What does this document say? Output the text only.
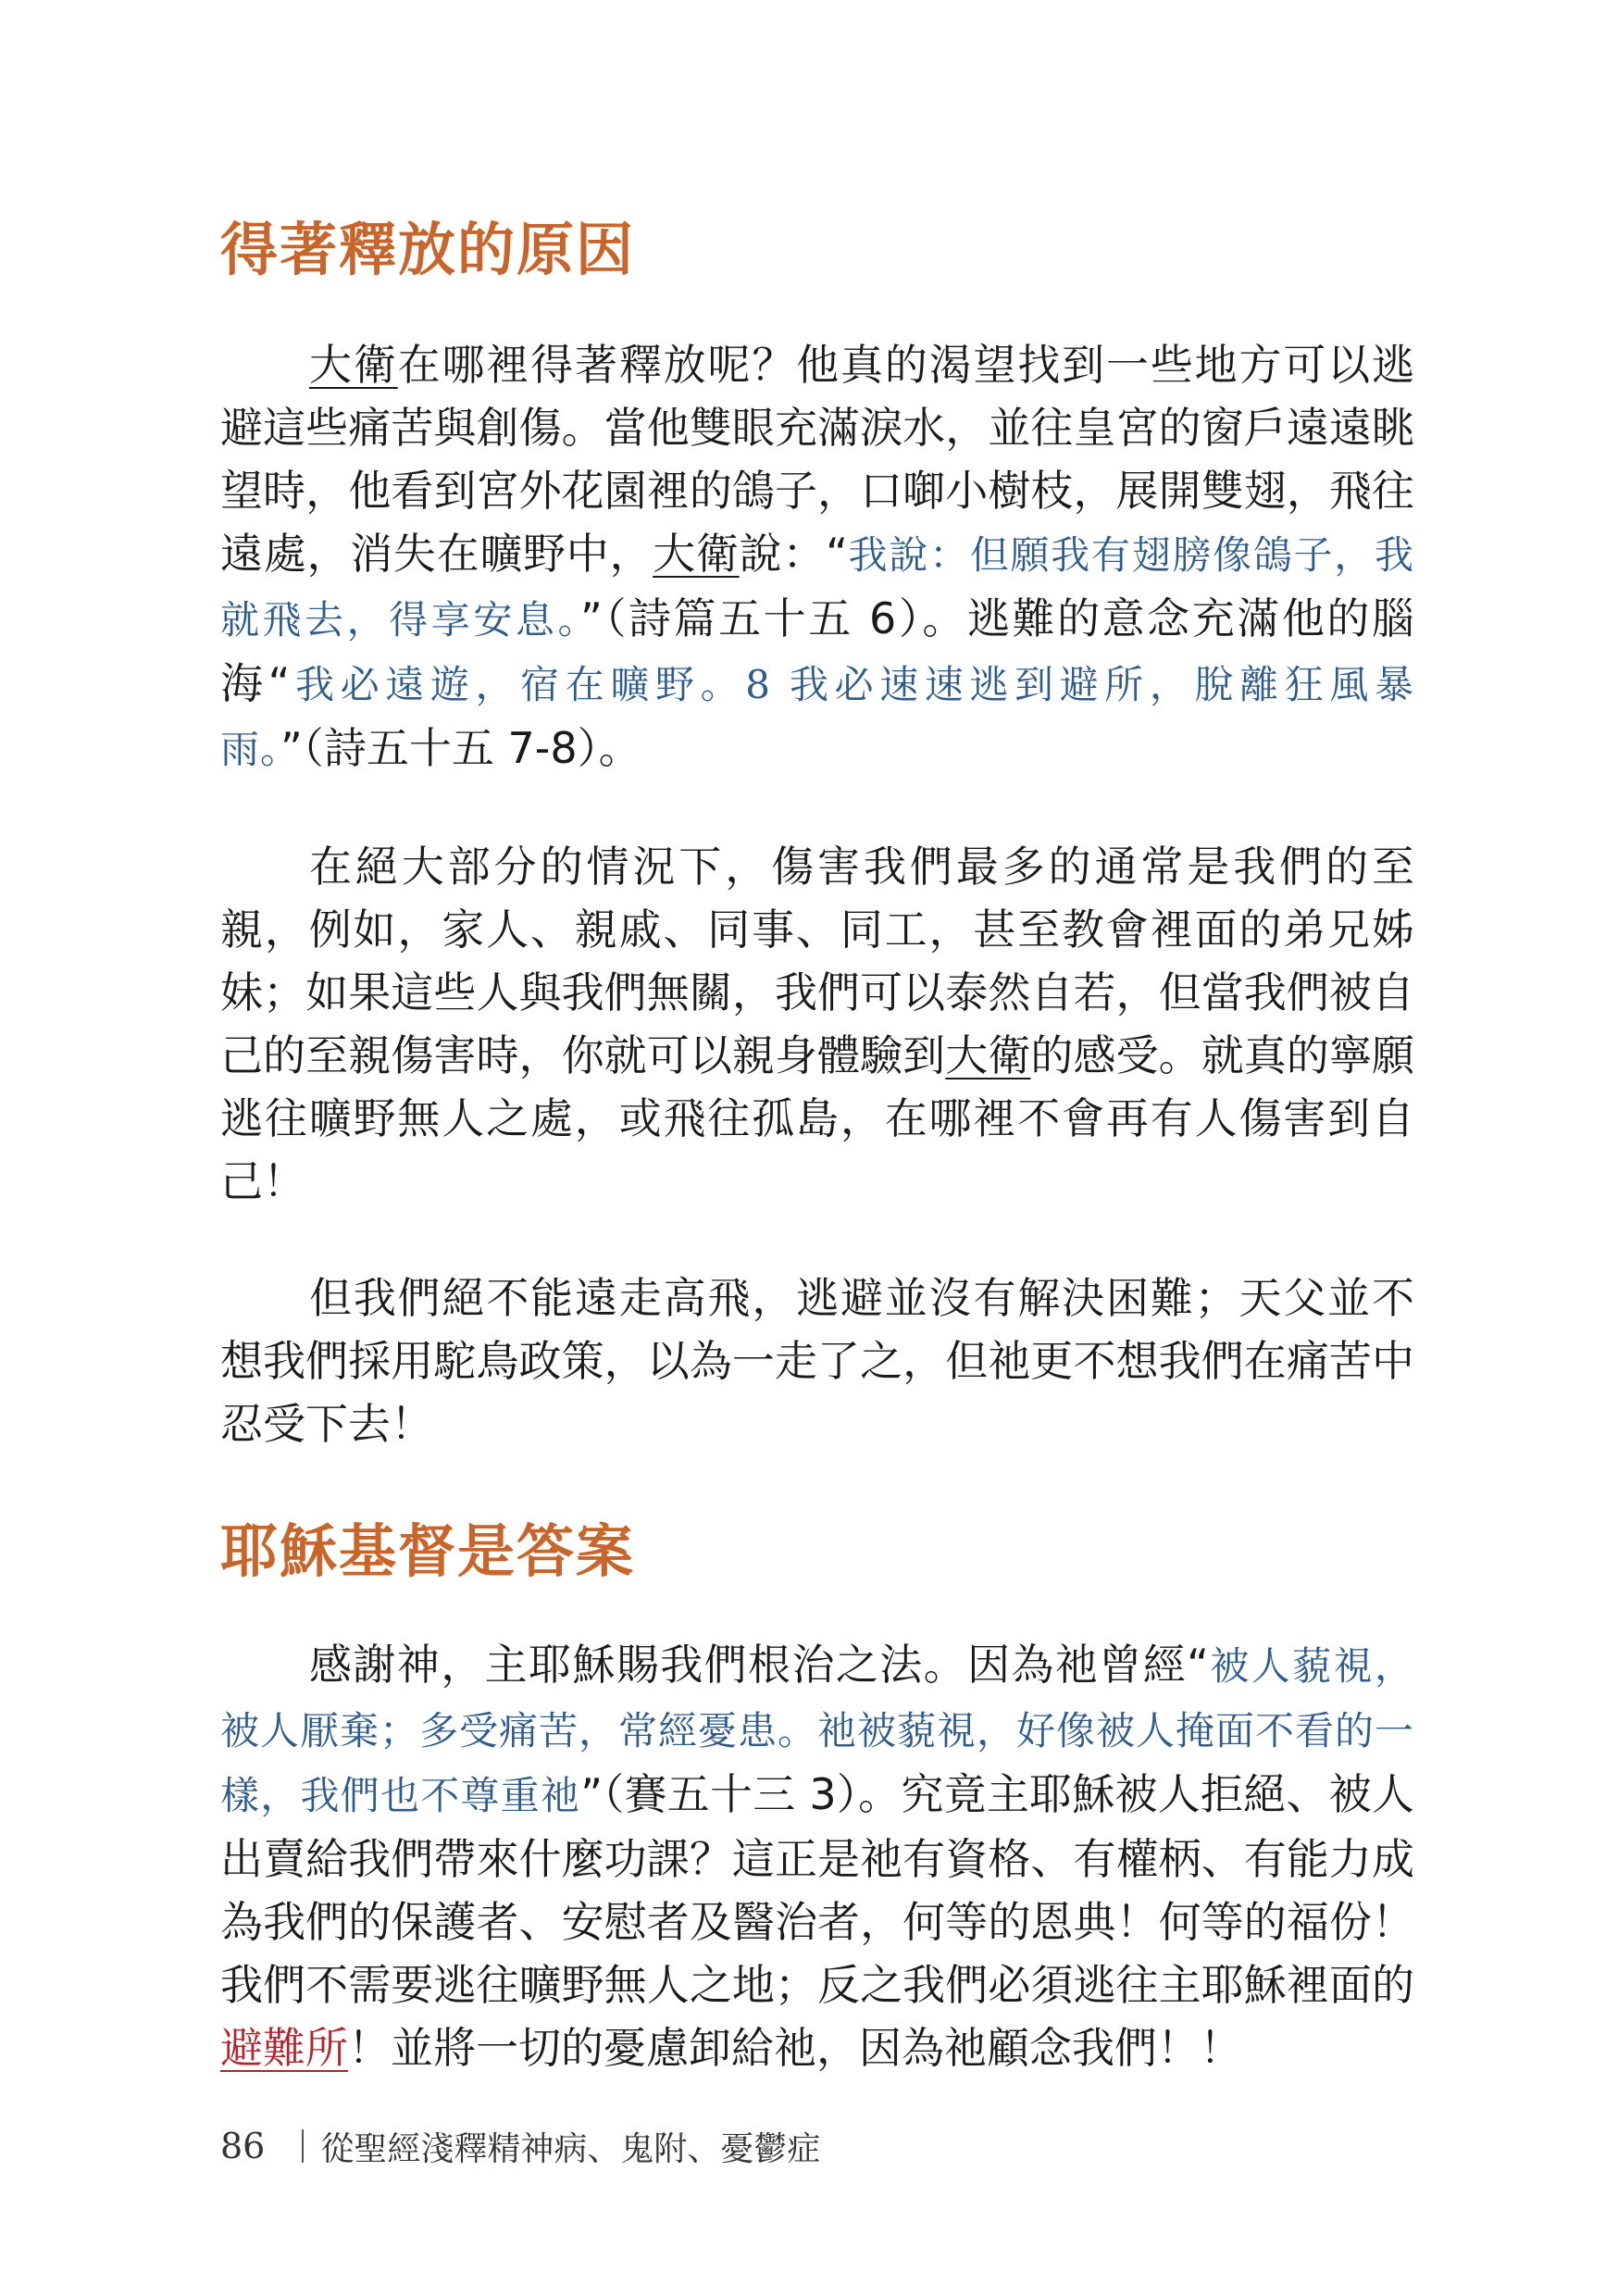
得著釋放的原因

大衛在哪裡得著釋放呢？他真的渴望找到一些地方可以逃避這些痛苦與創傷。當他雙眼充滿淚水，並往皇宮的窗戶遠遠眺望時，他看到宮外花園裡的鴿子，口啣小樹枝，展開雙翅，飛往遠處，消失在曠野中，大衛說：“我說：但願我有翅膀像鴿子，我就飛去，得享安息。”（詩篇五十五 6）。逃難的意念充滿他的腦海“我必遠遊，宿在曠野。8 我必速速逃到避所，脫離狂風暴雨。”（詩五十五 7-8）。

在絕大部分的情況下，傷害我們最多的通常是我們的至親，例如，家人、親戚、同事、同工，甚至教會裡面的弟兄姊妹；如果這些人與我們無關，我們可以泰然自若，但當我們被自己的至親傷害時，你就可以親身體驗到大衛的感受。就真的寧願逃往曠野無人之處，或飛往孤島，在哪裡不會再有人傷害到自己！

但我們絕不能遠走高飛，逃避並沒有解決困難；天父並不想我們採用駝鳥政策，以為一走了之，但祂更不想我們在痛苦中忍受下去！

耶穌基督是答案

感謝神，主耶穌賜我們根治之法。因為祂曾經“被人藐視，被人厭棄；多受痛苦，常經憂患。祂被藐視，好像被人掩面不看的一樣，我們也不尊重祂”（賽五十三 3）。究竟主耶穌被人拒絕、被人出賣給我們帶來什麼功課？這正是祂有資格、有權柄、有能力成為我們的保護者、安慰者及醫治者，何等的恩典！何等的福份！我們不需要逃往曠野無人之地；反之我們必須逃往主耶穌裡面的避難所！並將一切的憂慮卸給祂，因為祂顧念我們！！

86 從聖經淺釋精神病、鬼附、憂鬱症
